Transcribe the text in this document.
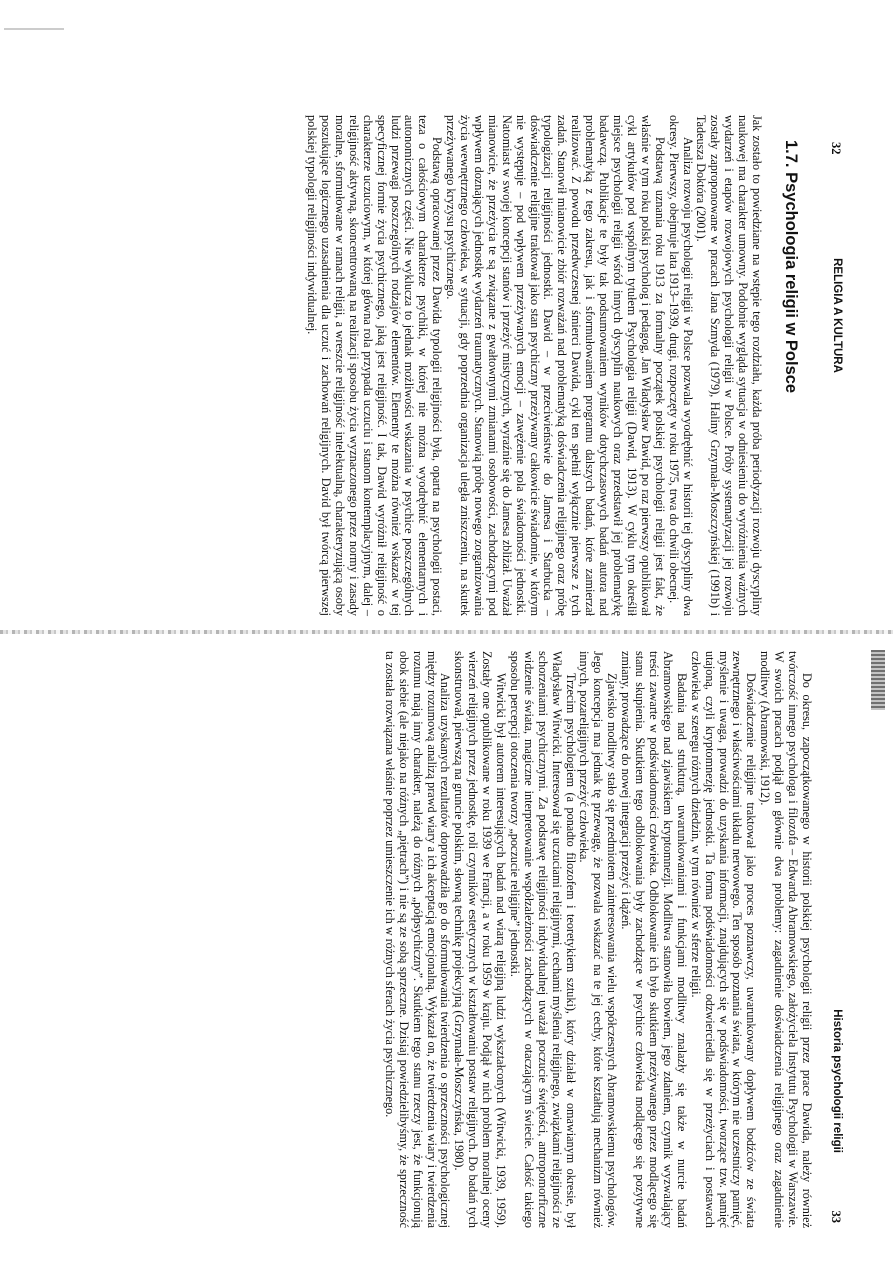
32
RELIGIA A KULTURA
1.7. Psychologia religii w Polsce

Jak zostało to powiedziane na wstępie tego rozdziału, każda próba periodyzacji rozwoju dyscypliny naukowej ma charakter umowny. Podobnie wygląda sytuacja w odniesieniu do wyróżnienia ważnych wydarzeń i etapów rozwojowych psychologii religii w Polsce. Próby systematyzacji jej rozwoju zostały zaproponowane w pracach Jana Szmyda (1979), Haliny Grzymała-Moszczyńskiej (1991b) i Tadeusza Doktóra (2001).

Analiza rozwoju psychologii religii w Polsce pozwala wyodrębnić w historii tej dyscypliny dwa okresy. Pierwszy, obejmuje lata 1913–1939, drugi, rozpoczęty w roku 1975, trwa do chwili obecnej.

Podstawą uznania roku 1913 za formalny początek polskiej psychologii religii jest fakt, że właśnie w tym roku polski psycholog i pedagog, Jan Władysław Dawid, po raz pierwszy opublikował cykl artykułów pod wspólnym tytułem Psychologia religii (Dawid, 1913). W cyklu tym określił miejsce psychologii religii wśród innych dyscyplin naukowych oraz przedstawił jej problematykę badawczą. Publikacje te były tak podsumowaniem wyników dotychczasowych badań autora nad problematyką z tego zakresu, jak i sformułowaniem programu dalszych badań, które zamierzał realizować. Z powodu przedwczesnej śmierci Dawida, cykl ten spełnił wyłącznie pierwsze z tych zadań. Stanowił mianowicie zbiór rozważań nad problematyką doświadczenia religijnego oraz próbę typologizacji religijności jednostki. Dawid – w przeciwieństwie do Jamesa i Starbucka – doświadczenie religijne traktował jako stan psychiczny przeżywany całkowicie świadomie, w którym nie występuje – pod wpływem przeżywanych emocji – zawężenie pola świadomości jednostki. Natomiast w swojej koncepcji stanów i przeżyć mistycznych, wyraźnie się do Jamesa zbliżał. Uważał mianowicie, że przeżycia te są związane z gwałtownymi zmianami osobowości, zachodzącymi pod wpływem doznających jednostkę wydarzeń traumatycznych. Stanowią próbę nowego zorganizowania życia wewnętrznego człowieka, w sytuacji, gdy poprzednia organizacja uległa zniszczeniu, na skutek przeżywanego kryzysu psychicznego.

Podstawą opracowanej przez Dawida typologii religijności była, oparta na psychologii postaci, teza o całościowym charakterze psychiki, w której nie można wyodrębnić elementarnych i autonomicznych części. Nie wyklucza to jednak możliwości wskazania w psychice poszczególnych ludzi przewagi poszczególnych rodzajów elementów. Elementy te można również wskazać w tej specyficznej formie życia psychicznego, jaką jest religijność. I tak, Dawid wyróżnił religijność o charakterze uczuciowym, w której główna rola przypada uczuciu i stanom kontemplacyjnym, dalej – religijność aktywną, skoncentrowaną na realizacji sposobu życia wyznaczonego przez normy i zasady moralne, sformułowane w ramach religii, a wreszcie religijność intelektualną, charakteryzującą osoby poszukujące logicznego uzasadnienia dla uczuć i zachowań religijnych. David był twórcą pierwszej polskiej typologii religijności indywidualnej.

Historia psychologii religii
33

Do okresu, zapoczątkowanego w historii polskiej psychologii religii przez prace Dawida, należy również twórczość innego psychologa i filozofa – Edwarda Abramowskiego, założyciela Instytutu Psychologii w Warszawie. W swoich pracach podjął on głównie dwa problemy: zagadnienie doświadczenia religijnego oraz zagadnienie modlitwy (Abramowski, 1912).

Doświadczenie religijne traktował jako proces poznawczy, uwarunkowany dopływem bodźców ze świata zewnętrznego i właściwościami układu nerwowego. Ten sposób poznania świata, w którym nie uczestniczy pamięć, myślenie i uwaga, prowadzi do uzyskania informacji, znajdujących się w podświadomości, tworzące tzw. pamięć utajoną, czyli kryptomnezję jednostki. Ta forma podświadomości odzwierciedla się w przeżyciach i postawach człowieka w szeregu różnych dziedzin, w tym również w sferze religii.

Badania nad strukturą, uwarunkowaniami i funkcjami modlitwy znalazły się także w nurcie badań Abramowskiego nad zjawiskiem kryptomnezji. Modlitwa stanowiła bowiem, jego zdaniem, czynnik wyzwalający treści zawarte w podświadomości człowieka. Odblokowanie ich było skutkiem przeżywanego przez modlącego się stanu skupienia. Skutkiem tego odblokowania były zachodzące w psychice człowieka modlącego się pozytywne zmiany, prowadzące do nowej integracji przeżyć i dążeń.

Zjawisko modlitwy stało się przedmiotem zainteresowania wielu współczesnych Abramowskiemu psychologów. Jego koncepcja ma jednak tę przewagę, że pozwala wskazać na te jej cechy, które kształtują mechanizm również innych, pozareligijnych przeżyć człowieka.

Trzecim psychologiem (a ponadto filozofem i teoretykiem sztuki), który działał w omawianym okresie, był Władysław Witwicki. Interesował się uczuciami religijnymi, cechami myślenia religijnego, związkami religijności ze schorzeniami psychicznymi. Za podstawę religijności indywidualnej uważał poczucie świętości, antropomorficzne widzenie świata, magiczne interpretowanie współzależności zachodzących w otaczającym świecie. Całość takiego sposobu percepcji otoczenia tworzy „poczucie religijne” jednostki.

Witwicki był autorem interesujących badań nad wiarą religijną ludzi wykształconych (Witwicki, 1939, 1959). Zostały one opublikowane w roku 1939 we Francji, a w roku 1959 w kraju. Podjął w nich problem moralnej oceny wierzeń religijnych przez jednostkę, roli czynników estetycznych w kształtowaniu postaw religijnych. Do badań tych skonstruował, pierwszą na gruncie polskim, słowną technikę projekcyjną (Grzymała-Moszczyńska, 1980).

Analiza uzyskanych rezultatów doprowadziła go do sformułowania twierdzenia o sprzeczności psychologicznej między rozumową analizą prawd wiary a ich akceptacją emocjonalną. Wykazał on, że twierdzenia wiary i twierdzenia rozumu mają inny charakter, należą do różnych „półpsychiczny”. Skutkiem tego stanu rzeczy jest, że funkcjonują obok siebie (ale niejako na różnych „piętrach”) i nie są ze sobą sprzeczne. Dzisiaj powiedzielibyśmy, że sprzeczność ta została rozwiązana właśnie poprzez umieszczenie ich w różnych sferach życia psychicznego.
